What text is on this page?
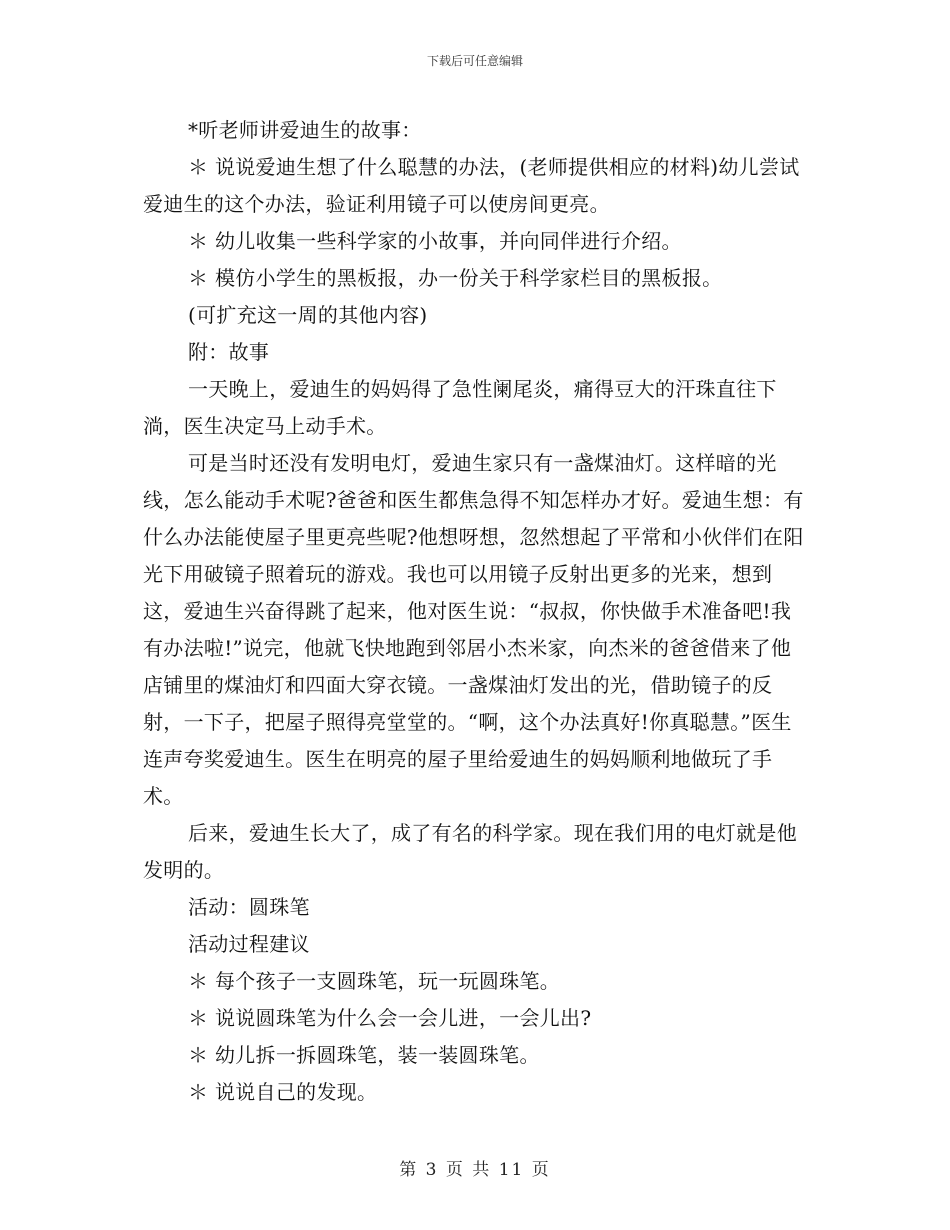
下载后可任意编辑

*听老师讲爱迪生的故事：

＊ 说说爱迪生想了什么聪慧的办法，(老师提供相应的材料)幼儿尝试爱迪生的这个办法，验证利用镜子可以使房间更亮。

＊ 幼儿收集一些科学家的小故事，并向同伴进行介绍。

＊ 模仿小学生的黑板报，办一份关于科学家栏目的黑板报。

(可扩充这一周的其他内容)

附：故事

一天晚上，爱迪生的妈妈得了急性阑尾炎，痛得豆大的汗珠直往下淌，医生决定马上动手术。

可是当时还没有发明电灯，爱迪生家只有一盏煤油灯。这样暗的光线，怎么能动手术呢?爸爸和医生都焦急得不知怎样办才好。爱迪生想：有什么办法能使屋子里更亮些呢?他想呀想，忽然想起了平常和小伙伴们在阳光下用破镜子照着玩的游戏。我也可以用镜子反射出更多的光来，想到这，爱迪生兴奋得跳了起来，他对医生说：“叔叔，你快做手术准备吧!我有办法啦!”说完，他就飞快地跑到邻居小杰米家，向杰米的爸爸借来了他店铺里的煤油灯和四面大穿衣镜。一盏煤油灯发出的光，借助镜子的反射，一下子，把屋子照得亮堂堂的。“啊，这个办法真好!你真聪慧。”医生连声夸奖爱迪生。医生在明亮的屋子里给爱迪生的妈妈顺利地做玩了手术。

后来，爱迪生长大了，成了有名的科学家。现在我们用的电灯就是他发明的。

活动：圆珠笔

活动过程建议

＊ 每个孩子一支圆珠笔，玩一玩圆珠笔。

＊ 说说圆珠笔为什么会一会儿进，一会儿出?

＊ 幼儿拆一拆圆珠笔，装一装圆珠笔。

＊ 说说自己的发现。

第 3 页 共 11 页
